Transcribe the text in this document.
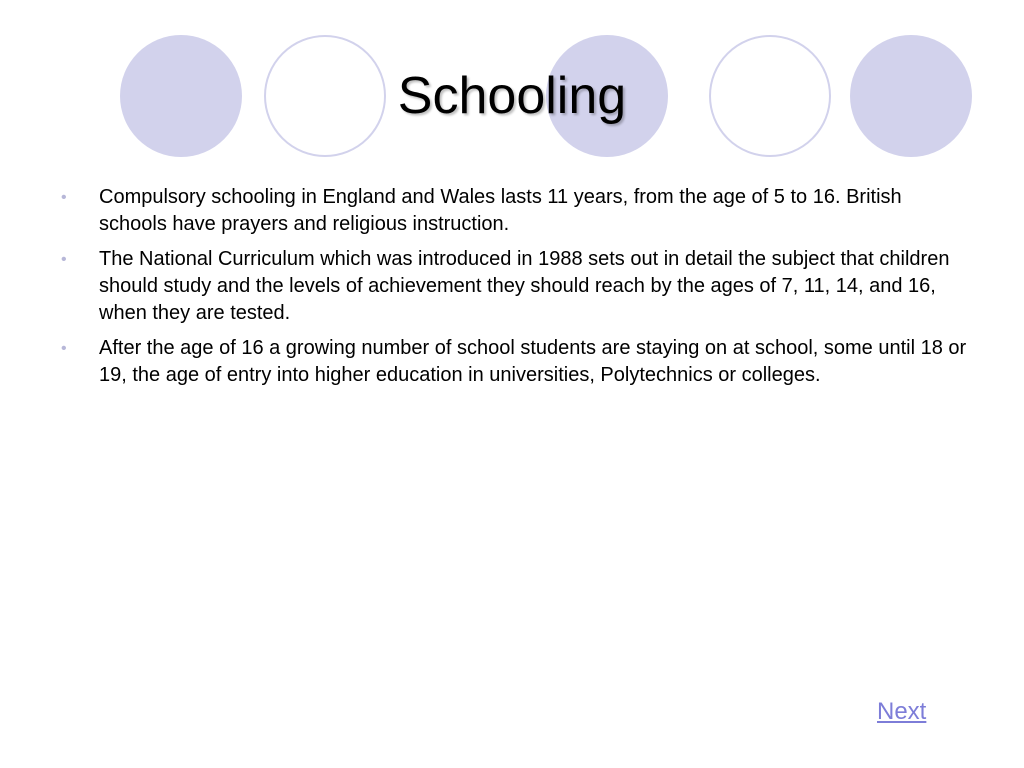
Schooling
• Compulsory schooling in England and Wales lasts 11 years, from the age of 5 to 16. British schools have prayers and religious instruction.
• The National Curriculum which was introduced in 1988 sets out in detail the subject that children should study and the levels of achievement they should reach by the ages of 7, 11, 14, and 16, when they are tested.
• After the age of 16 a growing number of school students are staying on at school, some until 18 or 19, the age of entry into higher education in universities, Polytechnics or colleges.
Next
